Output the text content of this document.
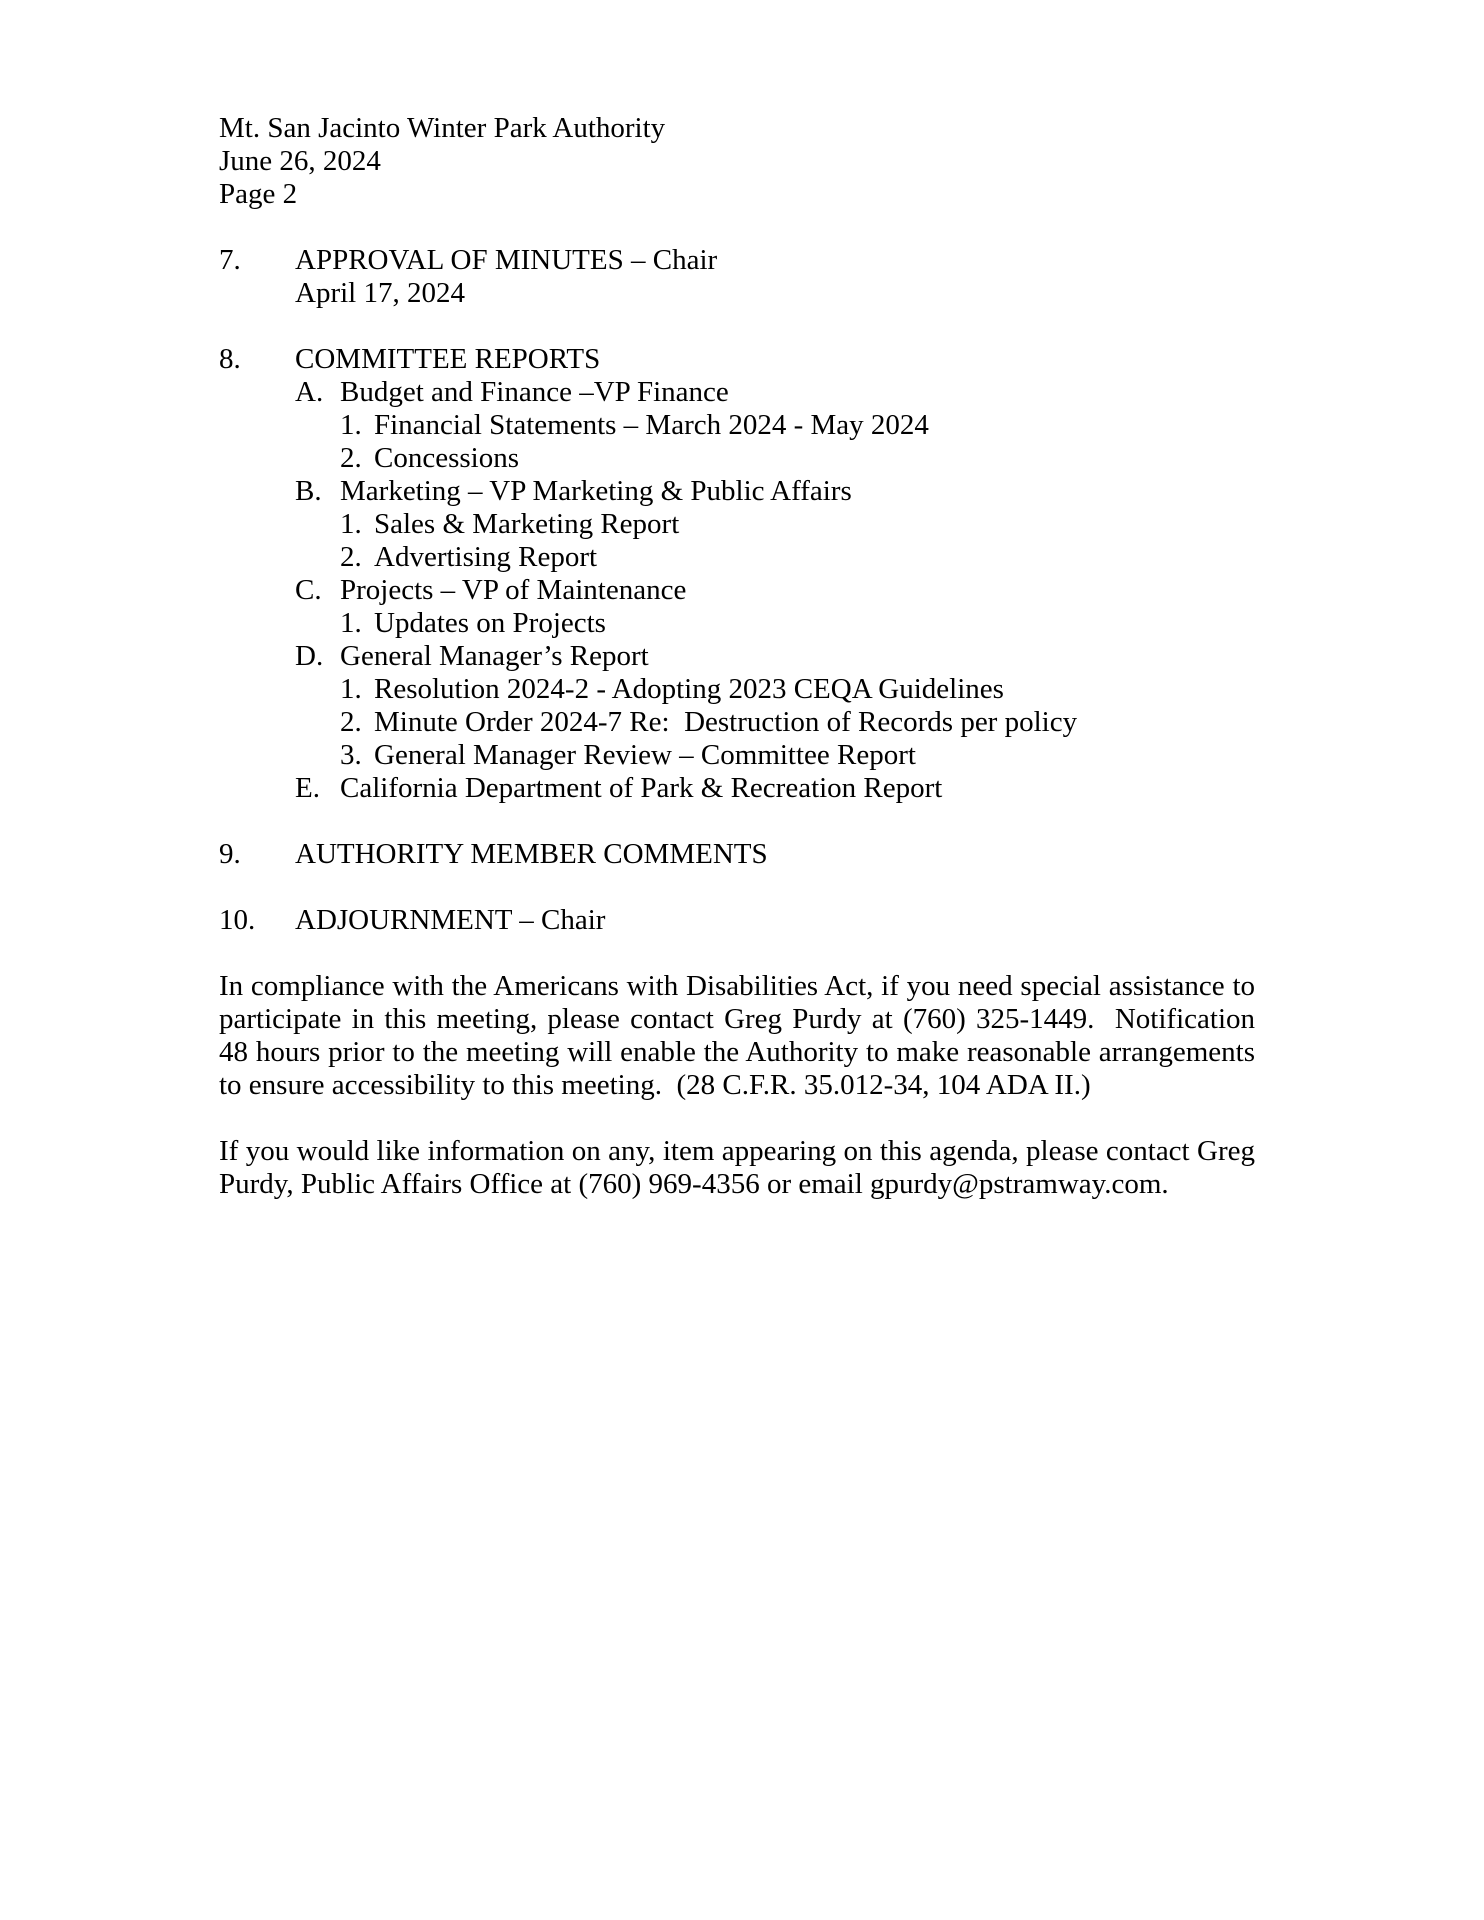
Mt. San Jacinto Winter Park Authority
June 26, 2024
Page 2
7.	APPROVAL OF MINUTES – Chair
April 17, 2024
8.	COMMITTEE REPORTS
A. Budget and Finance –VP Finance
1. Financial Statements – March 2024 - May 2024
2. Concessions
B. Marketing – VP Marketing & Public Affairs
1. Sales & Marketing Report
2. Advertising Report
C. Projects – VP of Maintenance
1. Updates on Projects
D. General Manager’s Report
1. Resolution 2024-2 - Adopting 2023 CEQA Guidelines
2. Minute Order 2024-7 Re:  Destruction of Records per policy
3. General Manager Review – Committee Report
E. California Department of Park & Recreation Report
9.	AUTHORITY MEMBER COMMENTS
10.	ADJOURNMENT – Chair

In compliance with the Americans with Disabilities Act, if you need special assistance to participate in this meeting, please contact Greg Purdy at (760) 325-1449.  Notification 48 hours prior to the meeting will enable the Authority to make reasonable arrangements to ensure accessibility to this meeting.  (28 C.F.R. 35.012-34, 104 ADA II.)

If you would like information on any, item appearing on this agenda, please contact Greg Purdy, Public Affairs Office at (760) 969-4356 or email gpurdy@pstramway.com.
